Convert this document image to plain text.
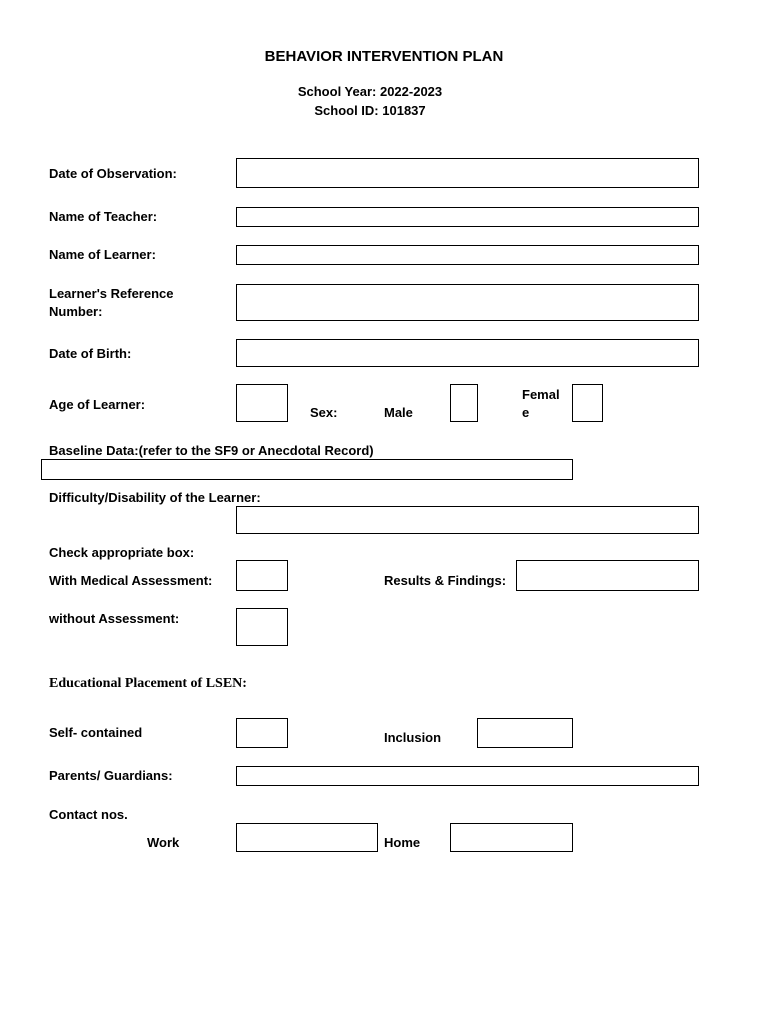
BEHAVIOR INTERVENTION PLAN
School Year: 2022-2023
School ID: 101837
Date of Observation:
Name of Teacher:
Name of Learner:
Learner's Reference
Number:
Date of Birth:
Age of Learner:
Sex:	Male
Femal
e
Baseline Data:(refer to the SF9 or Anecdotal Record)
Difficulty/Disability of the Learner:
Check appropriate box:
With Medical Assessment:	Results & Findings:
without Assessment:
Educational Placement of LSEN:
Self- contained	Inclusion
Parents/ Guardians:
Contact nos.
Work	Home
